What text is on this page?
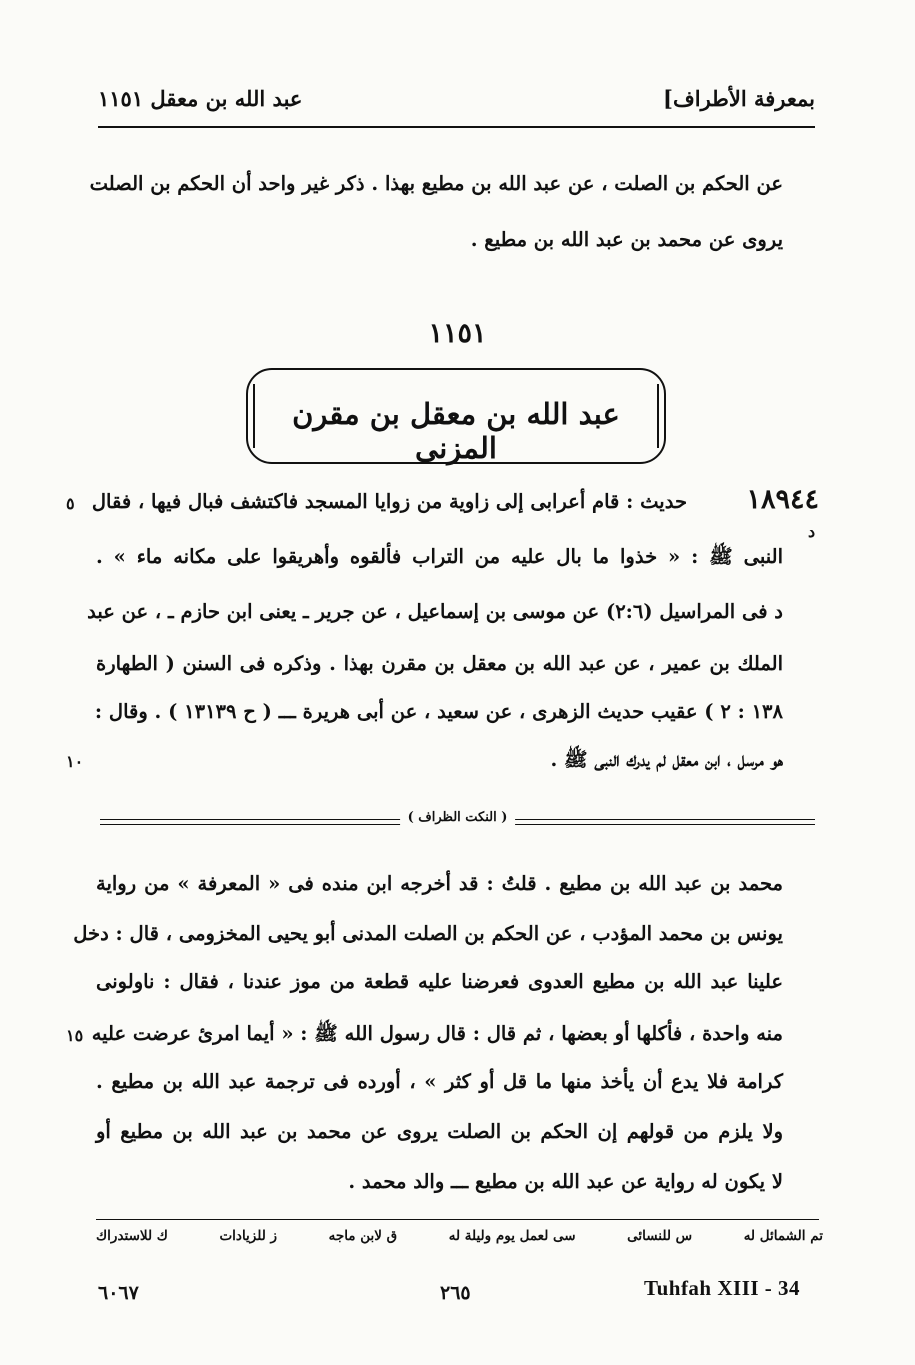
بمعرفة الأطراف]
عبد الله بن معقل ١١٥١
عن الحكم بن الصلت ، عن عبد الله بن مطيع بهذا . ذكر غير واحد أن الحكم بن الصلت
يروى عن محمد بن عبد الله بن مطيع .
١١٥١
عبد الله بن معقل بن مقرن المزنى
١٨٩٤٤
حديث : قام أعرابى إلى زاوية من زوايا المسجد فاكتشف فبال فيها ، فقال
النبى ﷺ : « خذوا ما بال عليه من التراب فألقوه وأهريقوا على مكانه ماء » .
د فى المراسيل (٢:٦) عن موسى بن إسماعيل ، عن جرير ـ يعنى ابن حازم ـ ، عن عبد
الملك بن عمير ، عن عبد الله بن معقل بن مقرن بهذا . وذكره فى السنن ( الطهارة
١٣٨ : ٢ ) عقيب حديث الزهرى ، عن سعيد ، عن أبى هريرة ـــ ( ح ١٣١٣٩ ) . وقال :
هو مرسل ، ابن معقل لم يدرك النبى ﷺ .
٥
د
١٠
( النكت الظراف )
محمد بن عبد الله بن مطيع . قلتُ : قد أخرجه ابن منده فى « المعرفة » من رواية
يونس بن محمد المؤدب ، عن الحكم بن الصلت المدنى أبو يحيى المخزومى ، قال : دخل
علينا عبد الله بن مطيع العدوى فعرضنا عليه قطعة من موز عندنا ، فقال : ناولونى
منه واحدة ، فأكلها أو بعضها ، ثم قال : قال رسول الله ﷺ : « أيما امرئ عرضت عليه
كرامة فلا يدع أن يأخذ منها ما قل أو كثر » ، أورده فى ترجمة عبد الله بن مطيع .
ولا يلزم من قولهم إن الحكم بن الصلت يروى عن محمد بن عبد الله بن مطيع أو
لا يكون له رواية عن عبد الله بن مطيع ـــ والد محمد .
١٥
تم الشمائل له
س للنسائى
سى لعمل يوم وليلة له
ق لابن ماجه
ز للزيادات
ك للاستدراك
٦٠٦٧	٢٦٥	Tuhfah XIII - 34
